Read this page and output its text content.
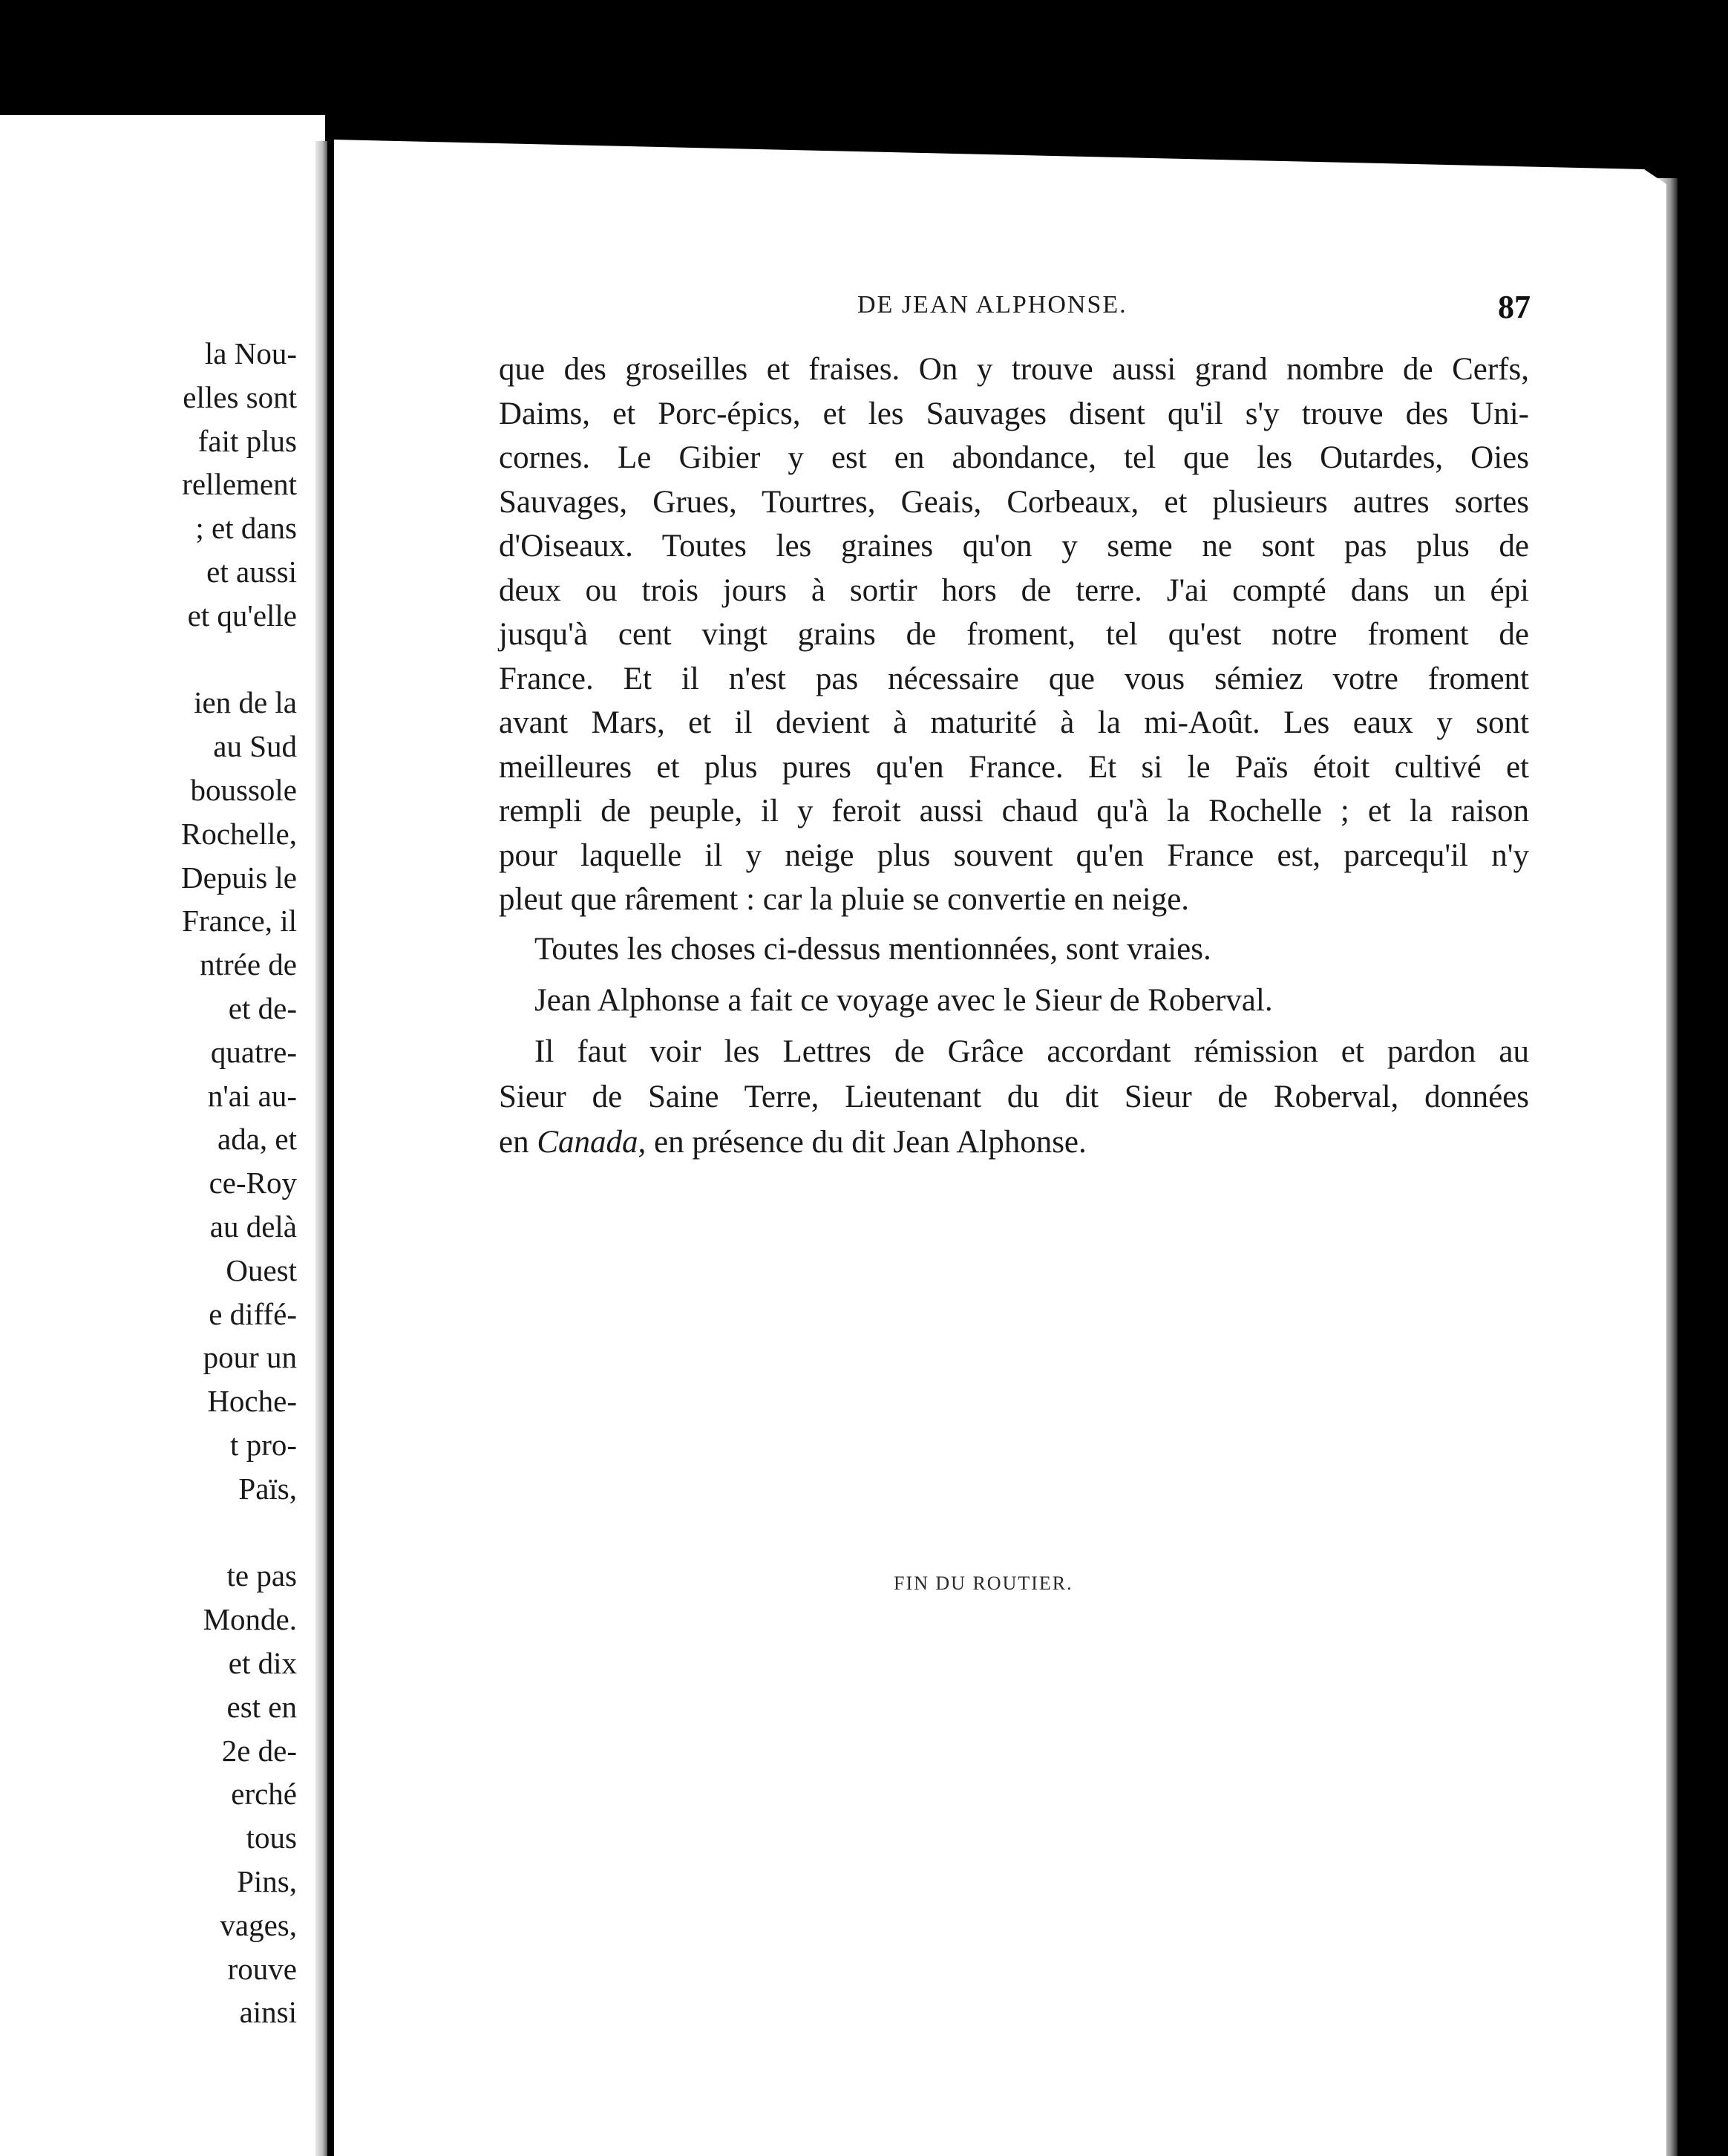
la Nou-
elles sont
fait plus
rellement
; et dans
et aussi
et qu'elle
ien de la
au Sud
boussole
Rochelle,
Depuis le
France, il
ntrée de
et de-
quatre-
n'ai au-
ada, et
ce-Roy
au delà
Ouest
e diffé-
pour un
Hoche-
t pro-
Païs,
te pas
Monde.
et dix
est en
2e de-
erché
tous
Pins,
vages,
rouve
ainsi
DE JEAN ALPHONSE.	87
que des groseilles et fraises. On y trouve aussi grand nombre de Cerfs,
Daims, et Porc-épics, et les Sauvages disent qu'il s'y trouve des Uni-
cornes. Le Gibier y est en abondance, tel que les Outardes, Oies
Sauvages, Grues, Tourtres, Geais, Corbeaux, et plusieurs autres sortes
d'Oiseaux. Toutes les graines qu'on y seme ne sont pas plus de
deux ou trois jours à sortir hors de terre. J'ai compté dans un épi
jusqu'à cent vingt grains de froment, tel qu'est notre froment de
France. Et il n'est pas nécessaire que vous sémiez votre froment
avant Mars, et il devient à maturité à la mi-Août. Les eaux y sont
meilleures et plus pures qu'en France. Et si le Païs étoit cultivé et
rempli de peuple, il y feroit aussi chaud qu'à la Rochelle ; et la raison
pour laquelle il y neige plus souvent qu'en France est, parcequ'il n'y
pleut que rârement : car la pluie se convertie en neige.
Toutes les choses ci-dessus mentionnées, sont vraies.
Jean Alphonse a fait ce voyage avec le Sieur de Roberval.
Il faut voir les Lettres de Grâce accordant rémission et pardon au
Sieur de Saine Terre, Lieutenant du dit Sieur de Roberval, données
en Canada, en présence du dit Jean Alphonse.
FIN DU ROUTIER.
